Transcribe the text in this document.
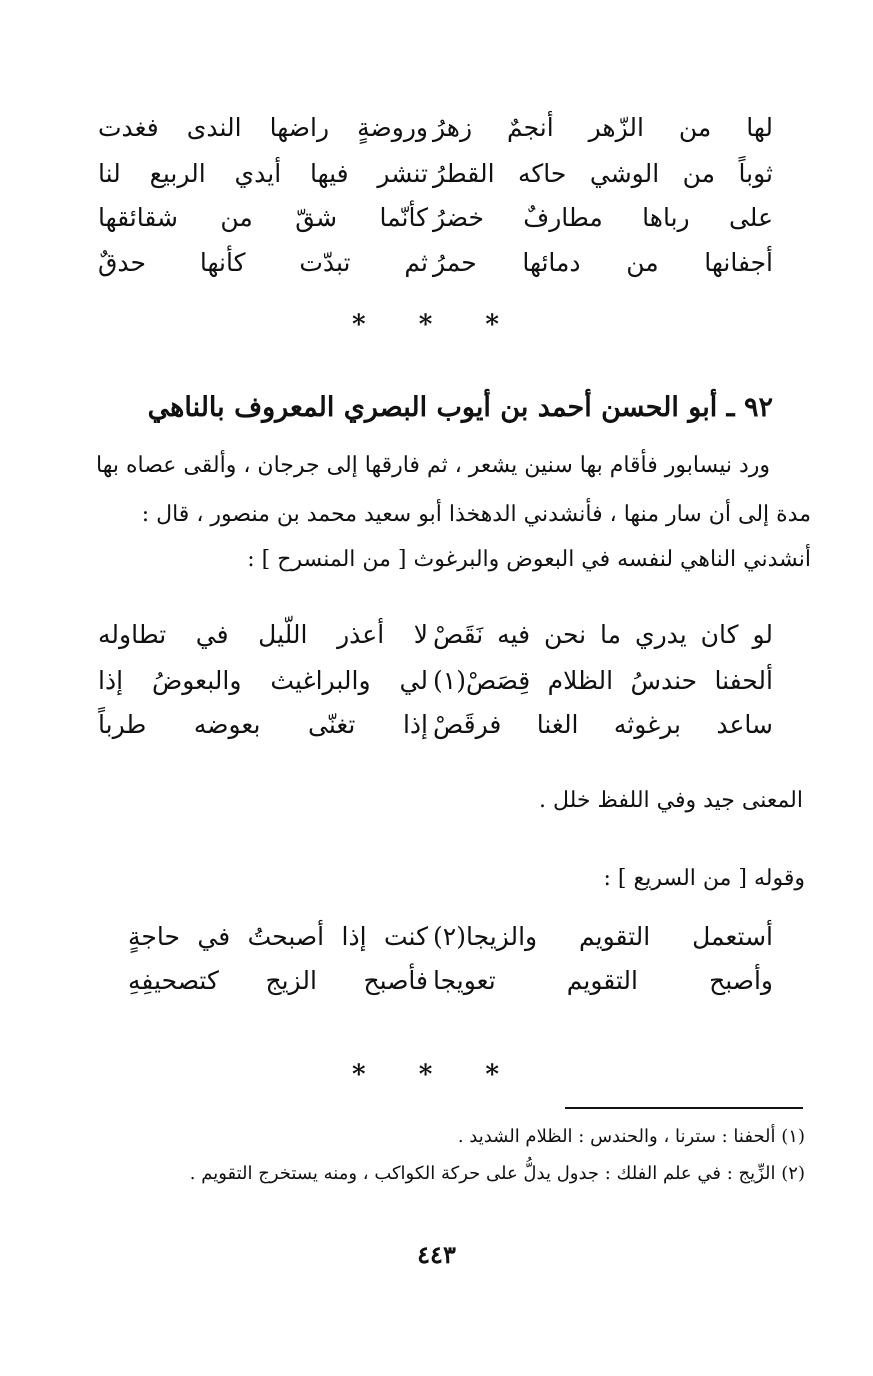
وروضةٍ راضها الندى فغدت لها من الزّهر أنجمٌ زهرُ
تنشر فيها أيدي الربيع لنا ثوباً من الوشي حاكه القطرُ
كأنّما شقّ من شقائقها على رباها مطارفٌ خضرُ
ثم تبدّت كأنها حدقٌ أجفانها من دمائها حمرُ
* * *
٩٢ ـ أبو الحسن أحمد بن أيوب البصري المعروف بالناهي
ورد نيسابور فأقام بها سنين يشعر ، ثم فارقها إلى جرجان ، وألقى عصاه بها
مدة إلى أن سار منها ، فأنشدني الدهخذا أبو سعيد محمد بن منصور ، قال :
أنشدني الناهي لنفسه في البعوض والبرغوث [ من المنسرح ] :
لا أعذر اللّيل في تطاوله لو كان يدري ما نحن فيه نَقَصْ
لي والبراغيث والبعوضُ إذا ألحفنا حندسُ الظلام قِصَصْ(١)
إذا تغنّى بعوضه طرباً ساعد برغوثه الغنا فرقَصْ
المعنى جيد وفي اللفظ خلل .
وقوله [ من السريع ] :
كنت إذا أصبحتُ في حاجةٍ أستعمل التقويم والزيجا(٢)
فأصبح الزيج كتصحيفِهِ وأصبح التقويم تعويجا
* * *
(١) ألحفنا : سترنا ، والحندس : الظلام الشديد .
(٢) الزِّيج : في علم الفلك : جدول يدلُّ على حركة الكواكب ، ومنه يستخرج التقويم .
٤٤٣
